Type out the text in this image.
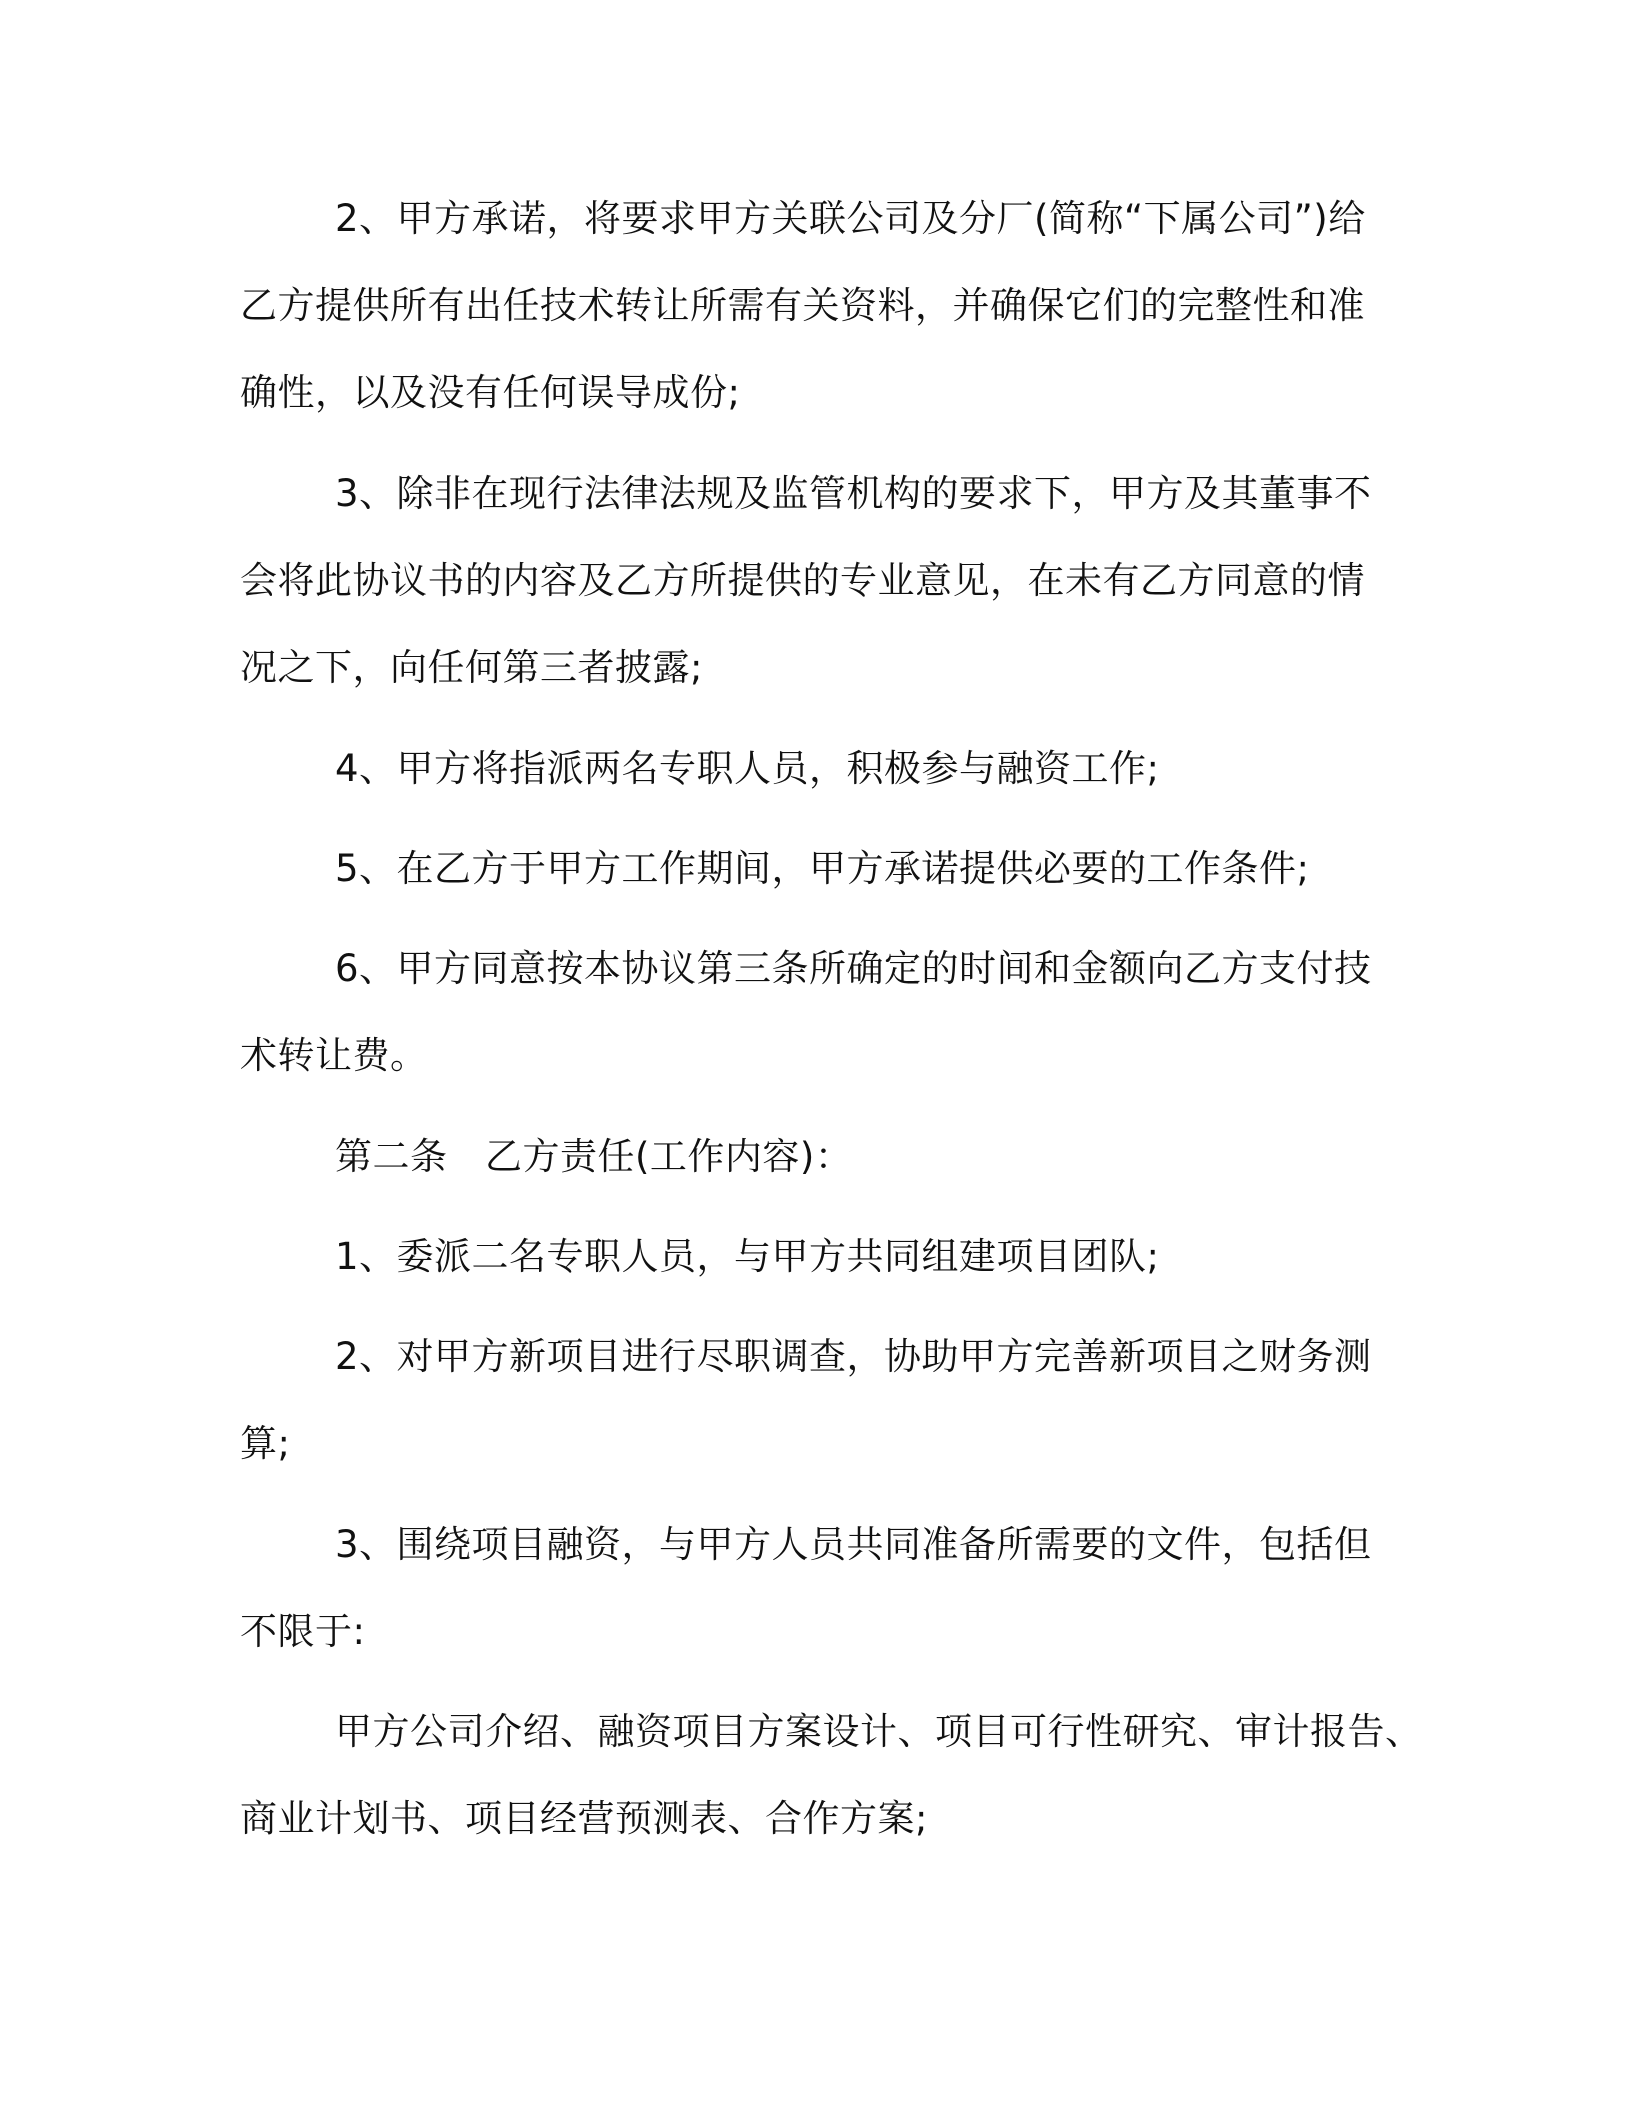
2、甲方承诺，将要求甲方关联公司及分厂(简称“下属公司”)给

乙方提供所有出任技术转让所需有关资料，并确保它们的完整性和准

确性，以及没有任何误导成份;

3、除非在现行法律法规及监管机构的要求下，甲方及其董事不

会将此协议书的内容及乙方所提供的专业意见，在未有乙方同意的情

况之下，向任何第三者披露;

4、甲方将指派两名专职人员，积极参与融资工作;

5、在乙方于甲方工作期间，甲方承诺提供必要的工作条件;

6、甲方同意按本协议第三条所确定的时间和金额向乙方支付技

术转让费。

第二条　乙方责任(工作内容)：

1、委派二名专职人员，与甲方共同组建项目团队;

2、对甲方新项目进行尽职调查，协助甲方完善新项目之财务测

算;

3、围绕项目融资，与甲方人员共同准备所需要的文件，包括但

不限于:

甲方公司介绍、融资项目方案设计、项目可行性研究、审计报告、

商业计划书、项目经营预测表、合作方案;
